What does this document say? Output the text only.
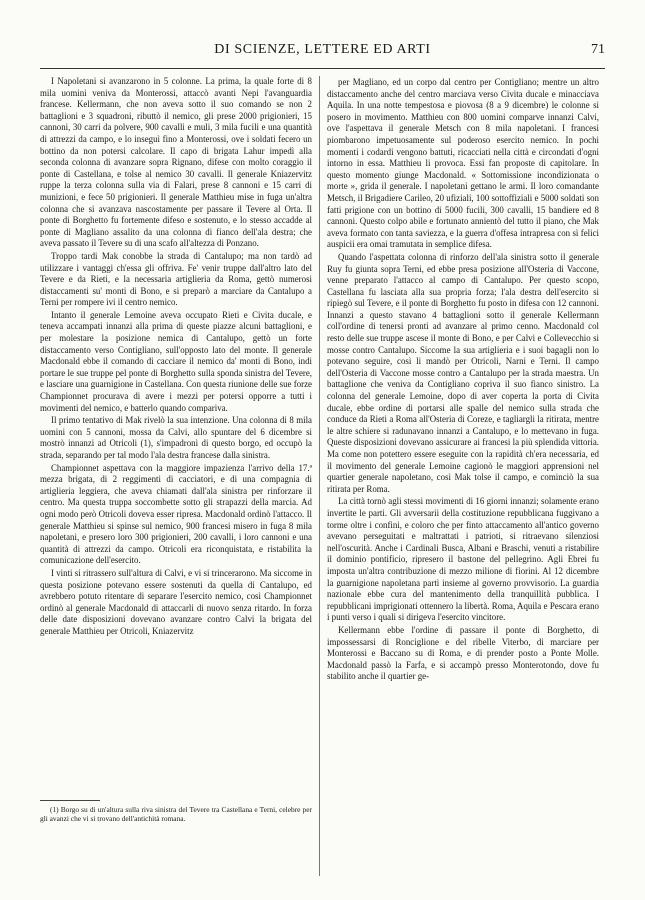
DI SCIENZE, LETTERE ED ARTI	71

I Napoletani si avanzarono in 5 colonne. La prima, la quale forte di 8 mila uomini veniva da Monterossi, attaccò avanti Nepi l'avanguardia francese. Kellermann, che non aveva sotto il suo comando se non 2 battaglioni e 3 squadroni, ributtò il nemico, gli prese 2000 prigionieri, 15 cannoni, 30 carri da polvere, 900 cavalli e muli, 3 mila fucili e una quantità di attrezzi da campo, e lo inseguì fino a Monterossi, ove i soldati fecero un bottino da non potersi calcolare. Il capo di brigata Lahur impedì alla seconda colonna di avanzare sopra Rignano, difese con molto coraggio il ponte di Castellana, e tolse al nemico 30 cavalli. Il generale Kniazervitz ruppe la terza colonna sulla via di Falari, prese 8 cannoni e 15 carri di munizioni, e fece 50 prigionieri. Il generale Matthieu mise in fuga un'altra colonna che si avanzava nascostamente per passare il Tevere al Orta. Il ponte di Borghetto fu fortemente difeso e sostenuto, e lo stesso accadde al ponte di Magliano assalito da una colonna di fianco dell'ala destra; che aveva passato il Tevere su di una scafo all'altezza di Ponzano.

Troppo tardi Mak conobbe la strada di Cantalupo; ma non tardò ad utilizzare i vantaggi ch'essa gli offriva. Fe' venir truppe dall'altro lato del Tevere e da Rieti, e la necessaria artiglieria da Roma, gettò numerosi distaccamenti su' monti di Bono, e si preparò a marciare da Cantalupo a Terni per rompere ivi il centro nemico.

Intanto il generale Lemoine aveva occupato Rieti e Civita ducale, e teneva accampati innanzi alla prima di queste piazze alcuni battaglioni, e per molestare la posizione nemica di Cantalupo, gettò un forte distaccamento verso Contigliano, sull'opposto lato del monte. Il generale Macdonald ebbe il comando di cacciare il nemico da' monti di Bono, indi portare le sue truppe pel ponte di Borghetto sulla sponda sinistra del Tevere, e lasciare una guarnigione in Castellana. Con questa riunione delle sue forze Championnet procurava di avere i mezzi per potersi opporre a tutti i movimenti del nemico, e batterlo quando compariva.

Il primo tentativo di Mak rivelò la sua intenzione. Una colonna di 8 mila uomini con 5 cannoni, mossa da Calvi, allo spuntare del 6 dicembre si mostrò innanzi ad Otricoli (1), s'impadronì di questo borgo, ed occupò la strada, separando per tal modo l'ala destra francese dalla sinistra.

Championnet aspettava con la maggiore impazienza l'arrivo della 17.ª mezza brigata, di 2 reggimenti di cacciatori, e di una compagnia di artiglieria leggiera, che aveva chiamati dall'ala sinistra per rinforzare il centro. Ma questa truppa soccombette sotto gli strapazzi della marcia. Ad ogni modo però Otricoli doveva esser ripresa. Macdonald ordinò l'attacco. Il generale Matthieu si spinse sul nemico, 900 francesi misero in fuga 8 mila napoletani, e presero loro 300 prigionieri, 200 cavalli, i loro cannoni e una quantità di attrezzi da campo. Otricoli era riconquistata, e ristabilita la comunicazione dell'esercito.

I vinti si ritrassero sull'altura di Calvi, e vi si trincerarono. Ma siccome in questa posizione potevano essere sostenuti da quella di Cantalupo, ed avrebbero potuto ritentare di separare l'esercito nemico, così Championnet ordinò al generale Macdonald di attaccarli di nuovo senza ritardo. In forza delle date disposizioni dovevano avanzare contro Calvi la brigata del generale Matthieu per Otricoli, Kniazervitz

per Magliano, ed un corpo dal centro per Contigliano; mentre un altro distaccamento anche del centro marciava verso Civita ducale e minacciava Aquila. In una notte tempestosa e piovosa (8 a 9 dicembre) le colonne si posero in movimento. Matthieu con 800 uomini comparve innanzi Calvi, ove l'aspettava il generale Metsch con 8 mila napoletani. I francesi piombarono impetuosamente sul poderoso esercito nemico. In pochi momenti i codardi vengono battuti, ricacciati nella città e circondati d'ogni intorno in essa. Matthieu li provoca. Essi fan proposte di capitolare. In questo momento giunge Macdonald. « Sottomissione incondizionata o morte », grida il generale. I napoletani gettano le armi. Il loro comandante Metsch, il Brigadiere Carileo, 20 ufiziali, 100 sottoffiziali e 5000 soldati son fatti prigione con un bottino di 5000 fucili, 300 cavalli, 15 bandiere ed 8 cannoni. Questo colpo abile e fortunato annientò del tutto il piano, che Mak aveva formato con tanta saviezza, e la guerra d'offesa intrapresa con sì felici auspicii era omai tramutata in semplice difesa.

Quando l'aspettata colonna di rinforzo dell'ala sinistra sotto il generale Ruy fu giunta sopra Terni, ed ebbe presa posizione all'Osteria di Vaccone, venne preparato l'attacco al campo di Cantalupo. Per questo scopo, Castellana fu lasciata alla sua propria forza; l'ala destra dell'esercito si ripiegò sul Tevere, e il ponte di Borghetto fu posto in difesa con 12 cannoni. Innanzi a questo stavano 4 battaglioni sotto il generale Kellermann coll'ordine di tenersi pronti ad avanzare al primo cenno. Macdonald col resto delle sue truppe ascese il monte di Bono, e per Calvi e Collevecchio si mosse contro Cantalupo. Siccome la sua artiglieria e i suoi bagagli non lo potevano seguire, così li mandò per Otricoli, Narni e Terni. Il campo dell'Osteria di Vaccone mosse contro a Cantalupo per la strada maestra. Un battaglione che veniva da Contigliano copriva il suo fianco sinistro. La colonna del generale Lemoine, dopo di aver coperta la porta di Civita ducale, ebbe ordine di portarsi alle spalle del nemico sulla strada che conduce da Rieti a Roma all'Osteria di Coreze, e tagliargli la ritirata, mentre le altre schiere si radunavano innanzi a Cantalupo, e lo mettevano in fuga. Queste disposizioni dovevano assicurare ai francesi la più splendida vittoria. Ma come non potettero essere eseguite con la rapidità ch'era necessaria, ed il movimento del generale Lemoine cagionò le maggiori apprensioni nel quartier generale napoletano, così Mak tolse il campo, e cominciò la sua ritirata per Roma.

La città tornò agli stessi movimenti di 16 giorni innanzi; solamente erano invertite le parti. Gli avversarii della costituzione repubblicana fuggivano a torme oltre i confini, e coloro che per finto attaccamento all'antico governo avevano perseguitati e maltrattati i patrioti, si ritraevano silenziosi nell'oscurità. Anche i Cardinali Busca, Albani e Braschi, venuti a ristabilire il dominio pontificio, ripresero il bastone del pellegrino. Agli Ebrei fu imposta un'altra contribuzione di mezzo milione di fiorini. Al 12 dicembre la guarnigione napoletana partì insieme al governo provvisorio. La guardia nazionale ebbe cura del mantenimento della tranquillità pubblica. I repubblicani imprigionati ottennero la libertà. Roma, Aquila e Pescara erano i punti verso i quali si dirigeva l'esercito vincitore.

Kellermann ebbe l'ordine di passare il ponte di Borghetto, di impossessarsi di Ronciglione e del ribelle Viterbo, di marciare per Monterossi e Baccano su di Roma, e di prender posto a Ponte Molle. Macdonald passò la Farfa, e si accampò presso Monterotondo, dove fu stabilito anche il quartier ge-

(1) Borgo su di un'altura sulla riva sinistra del Tevere tra Castellana e Terni, celebre per gli avanzi che vi si trovano dell'antichità romana.
